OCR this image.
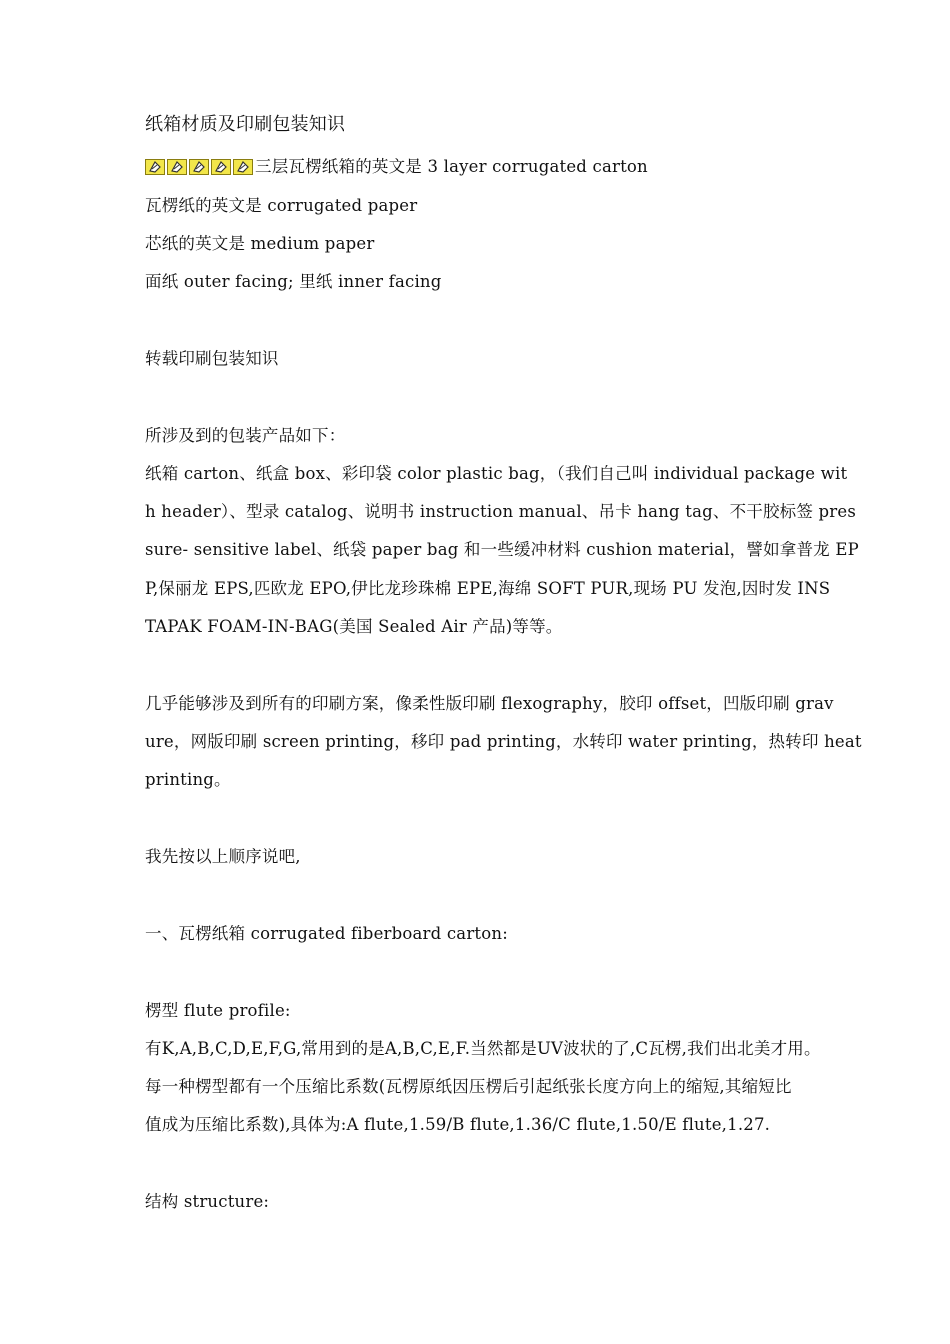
纸箱材质及印刷包装知识
三层瓦楞纸箱的英文是 3 layer corrugated carton
瓦楞纸的英文是 corrugated paper
芯纸的英文是 medium paper
面纸 outer facing; 里纸 inner facing
转载印刷包装知识
所涉及到的包装产品如下：
纸箱 carton、纸盒 box、彩印袋 color plastic bag，（我们自己叫 individual package wit
h header）、型录 catalog、说明书 instruction manual、吊卡 hang tag、不干胶标签 pres
sure- sensitive label、纸袋 paper bag 和一些缓冲材料 cushion material，譬如拿普龙 EP
P,保丽龙 EPS,匹欧龙 EPO,伊比龙珍珠棉 EPE,海绵 SOFT PUR,现场 PU 发泡,因时发 INS
TAPAK FOAM-IN-BAG(美国 Sealed Air 产品)等等。
几乎能够涉及到所有的印刷方案，像柔性版印刷 flexography，胶印 offset，凹版印刷 grav
ure，网版印刷 screen printing，移印 pad printing，水转印 water printing，热转印 heat
printing。
我先按以上顺序说吧,
一、瓦楞纸箱 corrugated fiberboard carton:
楞型 flute profile:
有K,A,B,C,D,E,F,G,常用到的是A,B,C,E,F.当然都是UV波状的了,C瓦楞,我们出北美才用。
每一种楞型都有一个压缩比系数(瓦楞原纸因压楞后引起纸张长度方向上的缩短,其缩短比
值成为压缩比系数),具体为:A flute,1.59/B flute,1.36/C flute,1.50/E flute,1.27.
结构 structure:
